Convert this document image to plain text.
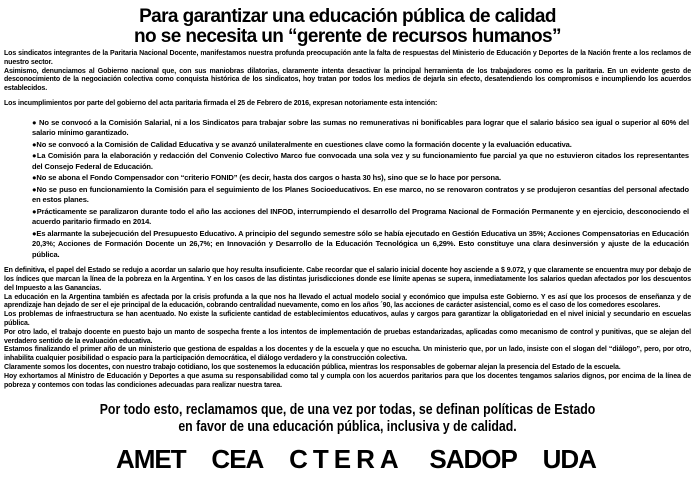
Para garantizar una educación pública de calidad
no se necesita un “gerente de recursos humanos”

Los sindicatos integrantes de la Paritaria Nacional Docente, manifestamos nuestra profunda preocupación ante la falta de respuestas del Ministerio de Educación y Deportes de la Nación frente a los reclamos de nuestro sector.

Asimismo, denunciamos al Gobierno nacional que, con sus maniobras dilatorias, claramente intenta desactivar la principal herramienta de los trabajadores como es la paritaria. En un evidente gesto de desconocimiento de la negociación colectiva como conquista histórica de los sindicatos, hoy tratan por todos los medios de dejarla sin efecto, desatendiendo los compromisos e incumpliendo los acuerdos establecidos.

Los incumplimientos por parte del gobierno del acta paritaria firmada el 25 de Febrero de 2016, expresan notoriamente esta intención:

● No se convocó a la Comisión Salarial, ni a los Sindicatos para trabajar sobre las sumas no remunerativas ni bonificables para lograr que el salario básico sea igual o superior al 60% del salario mínimo garantizado.

●No se convocó a la Comisión de Calidad Educativa y se avanzó unilateralmente en cuestiones clave como la formación docente y la evaluación educativa.

●La Comisión para la elaboración y redacción del Convenio Colectivo Marco fue convocada una sola vez y su funcionamiento fue parcial ya que no estuvieron citados los representantes del Consejo Federal de Educación.

●No se abona el Fondo Compensador con “criterio FONID” (es decir, hasta dos cargos o hasta 30 hs), sino que se lo hace por persona.

●No se puso en funcionamiento la Comisión para el seguimiento de los Planes Socioeducativos. En ese marco, no se renovaron contratos y se produjeron cesantías del personal afectado en estos planes.

●Prácticamente se paralizaron durante todo el año las acciones del INFOD, interrumpiendo el desarrollo del Programa Nacional de Formación Permanente y en ejercicio, desconociendo el acuerdo paritario firmado en 2014.

●Es alarmante la subejecución del Presupuesto Educativo. A principio del segundo semestre sólo se había ejecutado en Gestión Educativa un 35%; Acciones Compensatorias en Educación 20,3%; Acciones de Formación Docente un 26,7%; en Innovación y Desarrollo de la Educación Tecnológica un 6,29%. Esto constituye una clara desinversión y ajuste de la educación pública.

En definitiva, el papel del Estado se redujo a acordar un salario que hoy resulta insuficiente. Cabe recordar que el salario inicial docente hoy asciende a $ 9.072, y que claramente se encuentra muy por debajo de los índices que marcan la línea de la pobreza en la Argentina. Y en los casos de las distintas jurisdicciones donde ese límite apenas se supera, inmediatamente los salarios quedan afectados por los descuentos del Impuesto a las Ganancias.

La educación en la Argentina también es afectada por la crisis profunda a la que nos ha llevado el actual modelo social y económico que impulsa este Gobierno. Y es así que los procesos de enseñanza y de aprendizaje han dejado de ser el eje principal de la educación, cobrando centralidad nuevamente, como en los años ´90, las acciones de carácter asistencial, como es el caso de los comedores escolares.

Los problemas de infraestructura se han acentuado. No existe la suficiente cantidad de establecimientos educativos, aulas y cargos para garantizar la obligatoriedad en el nivel inicial y secundario en escuelas pública.

Por otro lado, el trabajo docente en puesto bajo un manto de sospecha frente a los intentos de implementación de pruebas estandarizadas, aplicadas como mecanismo de control y punitivas, que se alejan del verdadero sentido de la evaluación educativa.

Estamos finalizando el primer año de un ministerio que gestiona de espaldas a los docentes y de la escuela y que no escucha. Un ministerio que, por un lado, insiste con el slogan del “diálogo”, pero, por otro, inhabilita cualquier posibilidad o espacio para la participación democrática, el diálogo verdadero y la construcción colectiva.

Claramente somos los docentes, con nuestro trabajo cotidiano, los que sostenemos la educación pública, mientras los responsables de gobernar alejan la presencia del Estado de la escuela.

Hoy exhortamos al Ministro de Educación y Deportes a que asuma su responsabilidad como tal y cumpla con los acuerdos paritarios para que los docentes tengamos salarios dignos, por encima de la línea de pobreza y contemos con todas las condiciones adecuadas para realizar nuestra tarea.

Por todo esto, reclamamos que, de una vez por todas, se definan políticas de Estado
en favor de una educación pública, inclusiva y de calidad.
AMET CEA CTERA SADOP UDA
